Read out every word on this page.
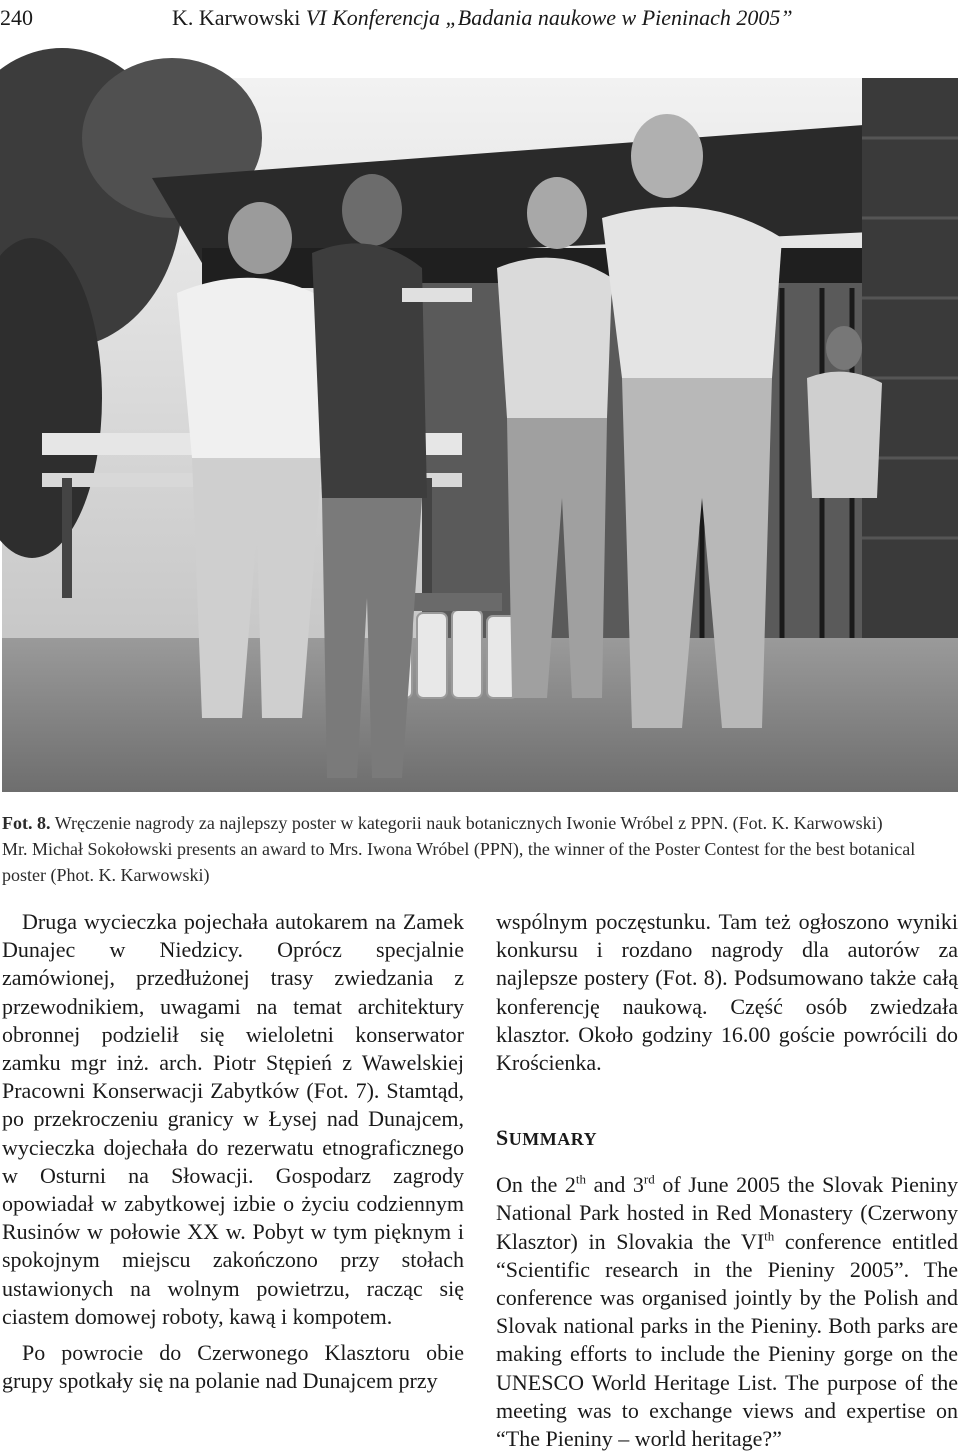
240	K. Karwowski VI Konferencja „Badania naukowe w Pieninach 2005”

Fot. 8. Wręczenie nagrody za najlepszy poster w kategorii nauk botanicznych Iwonie Wróbel z PPN. (Fot. K. Karwowski)

Mr. Michał Sokołowski presents an award to Mrs. Iwona Wróbel (PPN), the winner of the Poster Contest for the best botanical

poster (Phot. K. Karwowski)

Druga wycieczka pojechała autokarem na Zamek Dunajec w Niedzicy. Oprócz specjalnie zamówionej, przedłużonej trasy zwiedzania z przewodnikiem, uwagami na temat architektury obronnej podzielił się wieloletni konserwator zamku mgr inż. arch. Piotr Stępień z Wawelskiej Pracowni Konserwacji Zabytków (Fot. 7). Stamtąd, po przekroczeniu granicy w Łysej nad Dunajcem, wycieczka dojechała do rezerwatu etnograficznego w Osturni na Słowacji. Gospodarz zagrody opowiadał w zabytkowej izbie o życiu codziennym Rusinów w połowie XX w. Pobyt w tym pięknym i spokojnym miejscu zakończono przy stołach ustawionych na wolnym powietrzu, racząc się ciastem domowej roboty, kawą i kompotem.

Po powrocie do Czerwonego Klasztoru obie grupy spotkały się na polanie nad Dunajcem przy

wspólnym poczęstunku. Tam też ogłoszono wyniki konkursu i rozdano nagrody dla autorów za najlepsze postery (Fot. 8). Podsumowano także całą konferencję naukową. Część osób zwiedzała klasztor. Około godziny 16.00 goście powrócili do Krościenka.

SUMMARY

On the 2th and 3rd of June 2005 the Slovak Pieniny National Park hosted in Red Monastery (Czerwony Klasztor) in Slovakia the VIth conference entitled “Scientific research in the Pieniny 2005”. The conference was organised jointly by the Polish and Slovak national parks in the Pieniny. Both parks are making efforts to include the Pieniny gorge on the UNESCO World Heritage List. The purpose of the meeting was to exchange views and expertise on “The Pieniny – world heritage?”
